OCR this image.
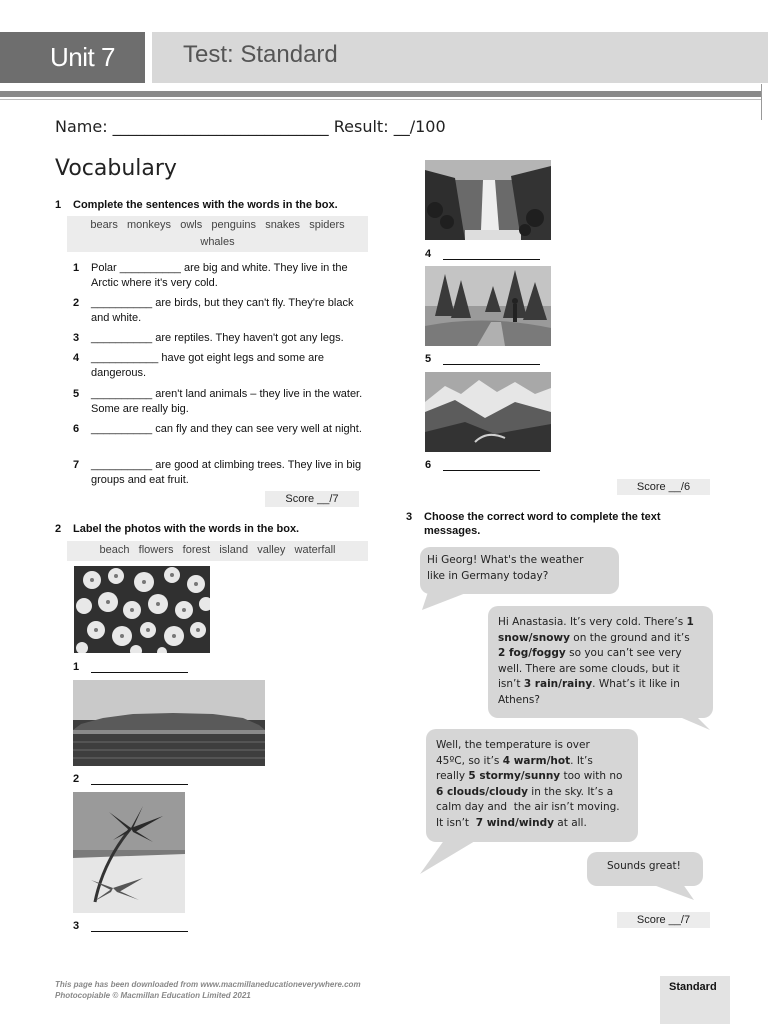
Unit 7	Test: Standard
Name: ___________________________ Result: __/100
Vocabulary
1 Complete the sentences with the words in the box.
bears   monkeys   owls   penguins   snakes   spiders
whales
1 Polar __________ are big and white. They live in the Arctic where it's very cold.
2 __________ are birds, but they can't fly. They're black and white.
3 __________ are reptiles. They haven't got any legs.
4 ___________ have got eight legs and some are dangerous.
5 __________ aren't land animals – they live in the water. Some are really big.
6 __________ can fly and they can see very well at night.
7 __________ are good at climbing trees. They live in big groups and eat fruit.
Score __/7
2 Label the photos with the words in the box.
beach   flowers   forest   island   valley   waterfall
1
2
3
4
5
6
Score __/6
3 Choose the correct word to complete the text
messages.
Hi Georg! What's the weather
like in Germany today?
Hi Anastasia. It’s very cold. There’s 1
snow/snowy on the ground and it’s
2 fog/foggy so you can’t see very
well. There are some clouds, but it
isn’t 3 rain/rainy. What’s it like in
Athens?
Well, the temperature is over
45ºC, so it’s 4 warm/hot. It’s
really 5 stormy/sunny too with no
6 clouds/cloudy in the sky. It’s a
calm day and  the air isn’t moving.
It isn’t  7 wind/windy at all.
Sounds great!
Score __/7
This page has been downloaded from www.macmillaneducationeverywhere.com
Photocopiable © Macmillan Education Limited 2021
Standard
